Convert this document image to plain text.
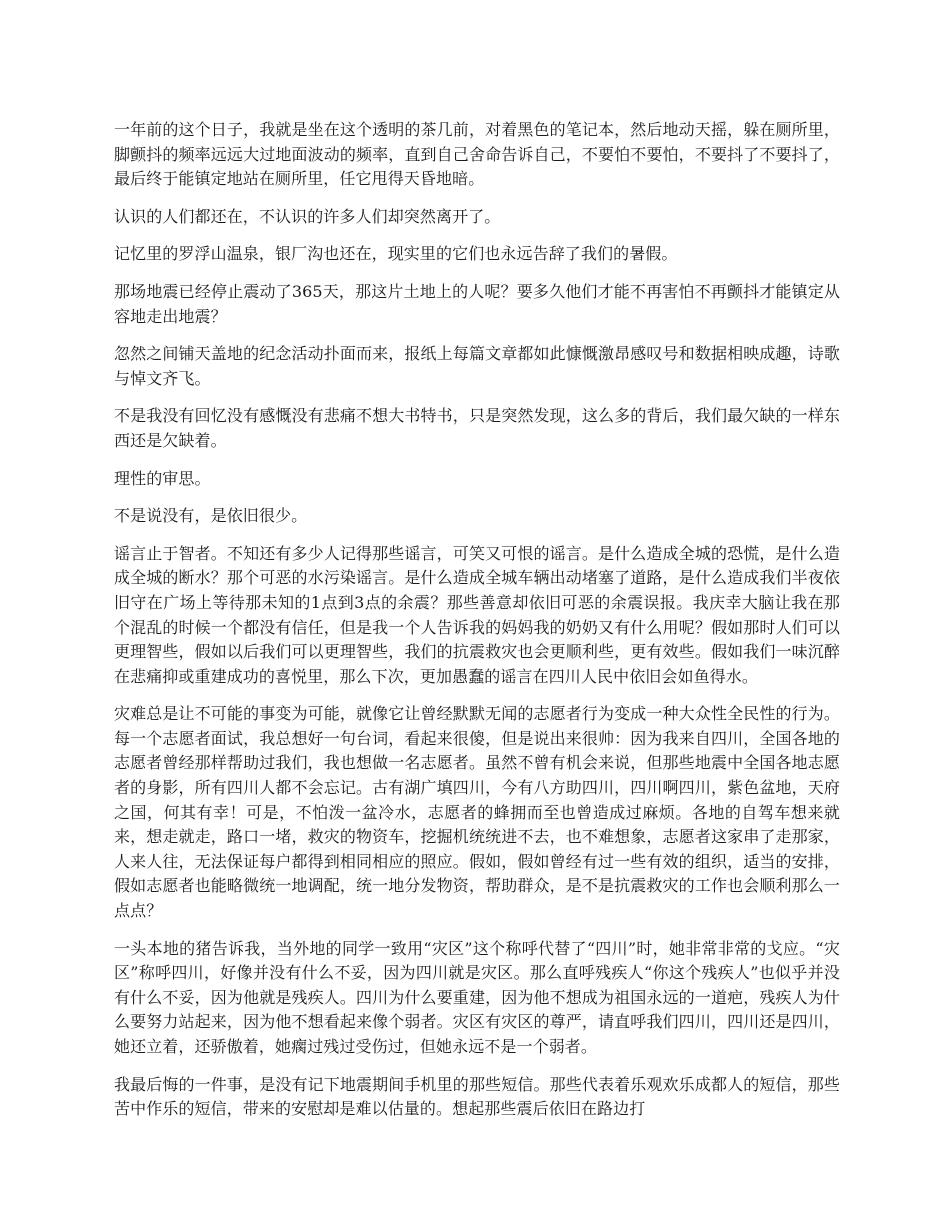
一年前的这个日子，我就是坐在这个透明的茶几前，对着黑色的笔记本，然后地动天摇，躲在厕所里，脚颤抖的频率远远大过地面波动的频率，直到自己舍命告诉自己，不要怕不要怕，不要抖了不要抖了，最后终于能镇定地站在厕所里，任它甩得天昏地暗。

认识的人们都还在，不认识的许多人们却突然离开了。

记忆里的罗浮山温泉，银厂沟也还在，现实里的它们也永远告辞了我们的暑假。

那场地震已经停止震动了365天，那这片土地上的人呢？要多久他们才能不再害怕不再颤抖才能镇定从容地走出地震？

忽然之间铺天盖地的纪念活动扑面而来，报纸上每篇文章都如此慷慨激昂感叹号和数据相映成趣，诗歌与悼文齐飞。

不是我没有回忆没有感慨没有悲痛不想大书特书，只是突然发现，这么多的背后，我们最欠缺的一样东西还是欠缺着。

理性的审思。

不是说没有，是依旧很少。

谣言止于智者。不知还有多少人记得那些谣言，可笑又可恨的谣言。是什么造成全城的恐慌，是什么造成全城的断水？那个可恶的水污染谣言。是什么造成全城车辆出动堵塞了道路，是什么造成我们半夜依旧守在广场上等待那未知的1点到3点的余震？那些善意却依旧可恶的余震误报。我庆幸大脑让我在那个混乱的时候一个都没有信任，但是我一个人告诉我的妈妈我的奶奶又有什么用呢？假如那时人们可以更理智些，假如以后我们可以更理智些，我们的抗震救灾也会更顺利些，更有效些。假如我们一味沉醉在悲痛抑或重建成功的喜悦里，那么下次，更加愚蠢的谣言在四川人民中依旧会如鱼得水。

灾难总是让不可能的事变为可能，就像它让曾经默默无闻的志愿者行为变成一种大众性全民性的行为。每一个志愿者面试，我总想好一句台词，看起来很傻，但是说出来很帅：因为我来自四川，全国各地的志愿者曾经那样帮助过我们，我也想做一名志愿者。虽然不曾有机会来说，但那些地震中全国各地志愿者的身影，所有四川人都不会忘记。古有湖广填四川，今有八方助四川，四川啊四川，紫色盆地，天府之国，何其有幸！可是，不怕泼一盆冷水，志愿者的蜂拥而至也曾造成过麻烦。各地的自驾车想来就来，想走就走，路口一堵，救灾的物资车，挖掘机统统进不去，也不难想象，志愿者这家串了走那家，人来人往，无法保证每户都得到相同相应的照应。假如，假如曾经有过一些有效的组织，适当的安排，假如志愿者也能略微统一地调配，统一地分发物资，帮助群众，是不是抗震救灾的工作也会顺利那么一点点？

一头本地的猪告诉我，当外地的同学一致用“灾区”这个称呼代替了“四川”时，她非常非常的戈应。“灾区”称呼四川，好像并没有什么不妥，因为四川就是灾区。那么直呼残疾人“你这个残疾人”也似乎并没有什么不妥，因为他就是残疾人。四川为什么要重建，因为他不想成为祖国永远的一道疤，残疾人为什么要努力站起来，因为他不想看起来像个弱者。灾区有灾区的尊严，请直呼我们四川，四川还是四川，她还立着，还骄傲着，她瘸过残过受伤过，但她永远不是一个弱者。

我最后悔的一件事，是没有记下地震期间手机里的那些短信。那些代表着乐观欢乐成都人的短信，那些苦中作乐的短信，带来的安慰却是难以估量的。想起那些震后依旧在路边打
